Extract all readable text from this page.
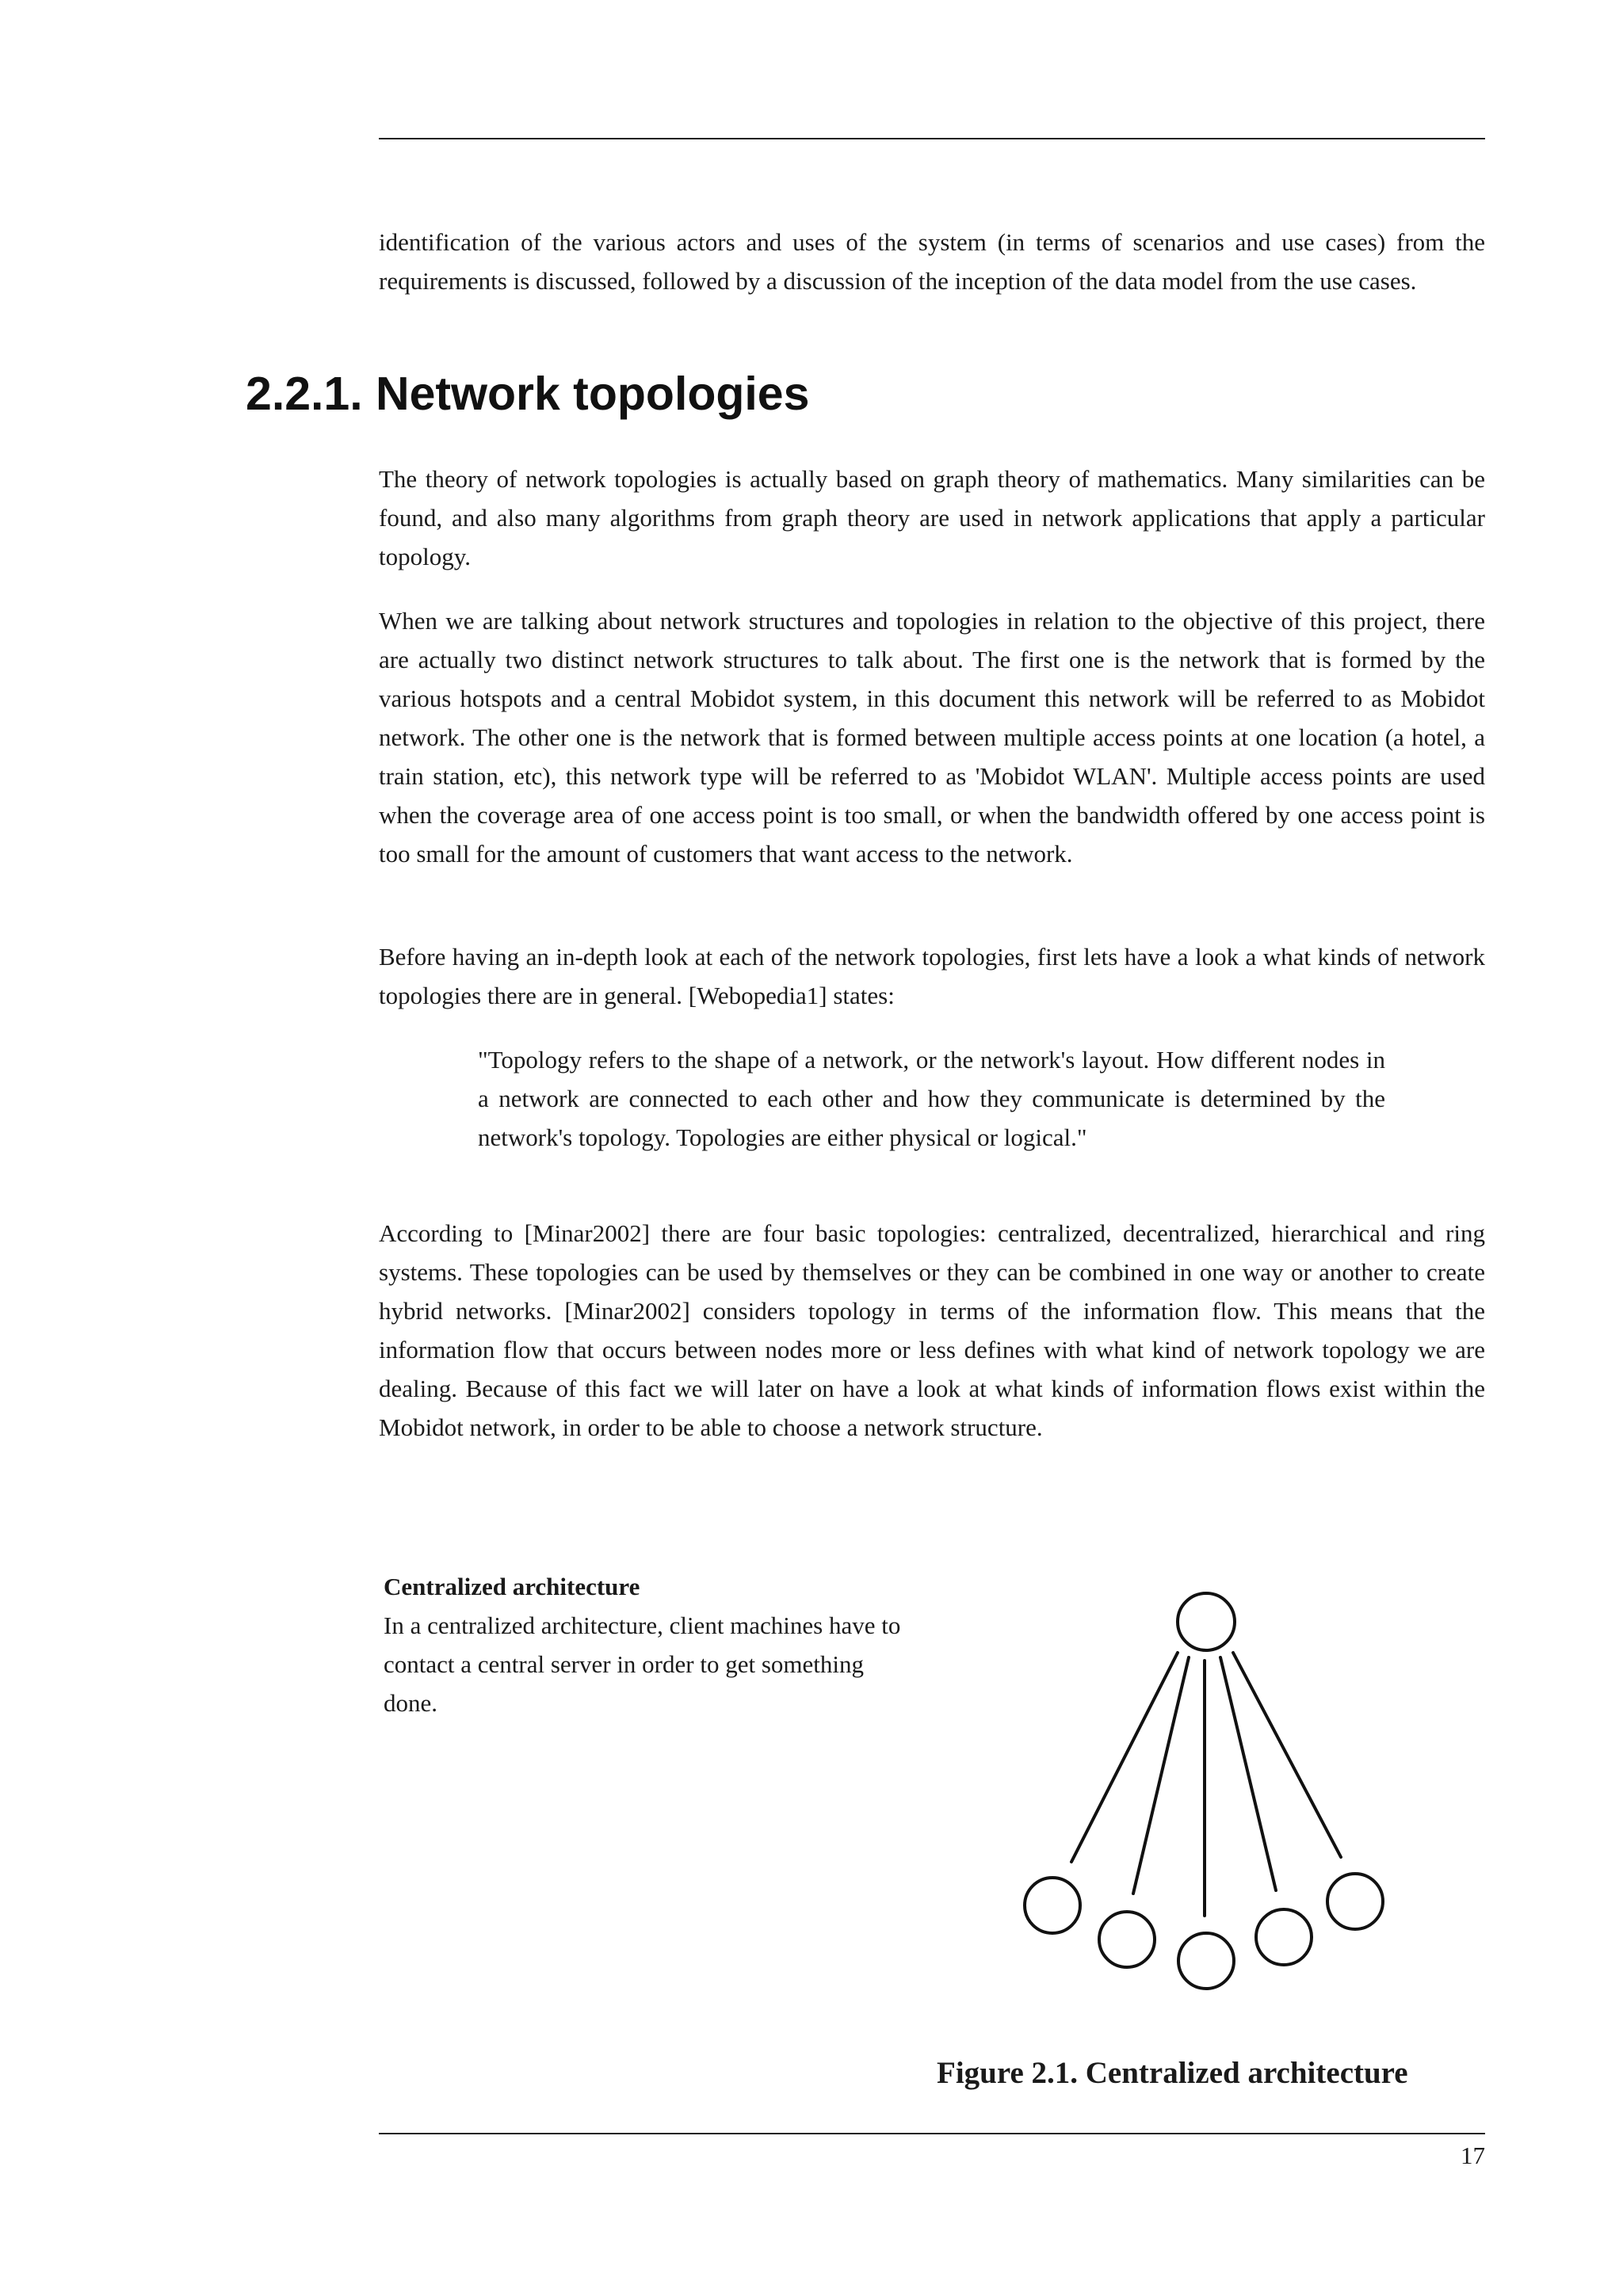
identification of the various actors and uses of the system (in terms of scenarios and use cases) from the requirements is discussed, followed by a discussion of the inception of the data model from the use cases.

2.2.1. Network topologies

The theory of network topologies is actually based on graph theory of mathematics. Many similarities can be found, and also many algorithms from graph theory are used in network applications that apply a particular topology.

When we are talking about network structures and topologies in relation to the objective of this project, there are actually two distinct network structures to talk about. The first one is the network that is formed by the various hotspots and a central Mobidot system, in this document this network will be referred to as Mobidot network. The other one is the network that is formed between multiple access points at one location (a hotel, a train station, etc), this network type will be referred to as 'Mobidot WLAN'. Multiple access points are used when the coverage area of one access point is too small, or when the bandwidth offered by one access point is too small for the amount of customers that want access to the network.

Before having an in-depth look at each of the network topologies, first lets have a look a what kinds of network topologies there are in general. [Webopedia1] states:

"Topology refers to the shape of a network, or the network's layout. How different nodes in a network are connected to each other and how they communicate is determined by the network's topology. Topologies are either physical or logical."

According to [Minar2002] there are four basic topologies: centralized, decentralized, hierarchical and ring systems. These topologies can be used by themselves or they can be combined in one way or another to create hybrid networks. [Minar2002] considers topology in terms of the information flow. This means that the information flow that occurs between nodes more or less defines with what kind of network topology we are dealing. Because of this fact we will later on have a look at what kinds of information flows exist within the Mobidot network, in order to be able to choose a network structure.

Centralized architecture

In a centralized architecture, client machines have to contact a central server in order to get something done.

Figure 2.1. Centralized architecture

17
